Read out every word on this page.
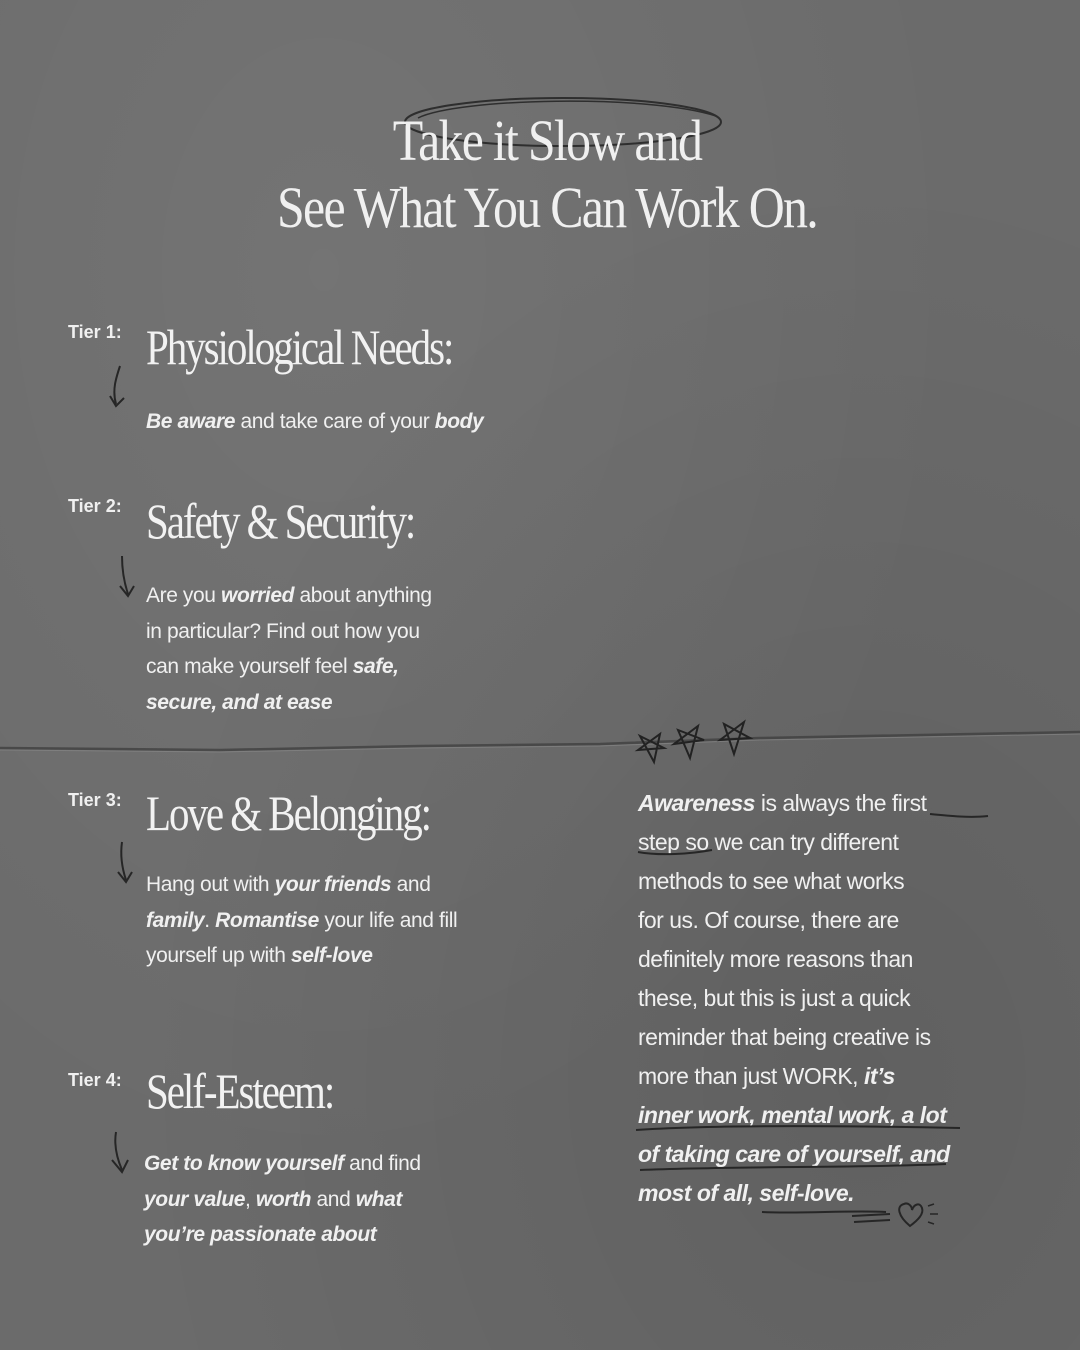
Take it Slow and
See What You Can Work On.
Tier 1: Physiological Needs:

Be aware and take care of your body

Tier 2: Safety & Security:

Are you worried about anything
in particular? Find out how you
can make yourself feel safe,
secure, and at ease

Tier 3: Love & Belonging:

Hang out with your friends and
family. Romantise your life and fill
yourself up with self-love

Tier 4: Self-Esteem:

Get to know yourself and find
your value, worth and what
you’re passionate about

Awareness is always the first
step so we can try different
methods to see what works
for us. Of course, there are
definitely more reasons than
these, but this is just a quick
reminder that being creative is
more than just WORK, it’s
inner work, mental work, a lot
of taking care of yourself, and
most of all, self-love.
